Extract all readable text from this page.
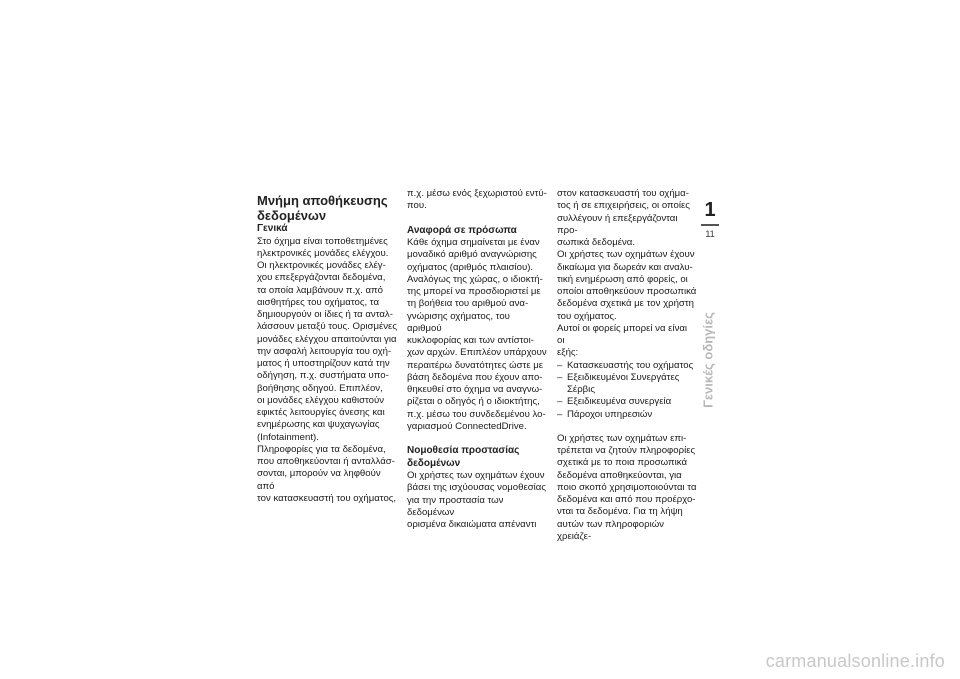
Μνήμη αποθήκευσης δεδομένων

Γενικά

Στο όχημα είναι τοποθετημένες

ηλεκτρονικές μονάδες ελέγχου.

Οι ηλεκτρονικές μονάδες ελέγ-

χου επεξεργάζονται δεδομένα,

τα οποία λαμβάνουν π.χ. από

αισθητήρες του οχήματος, τα

δημιουργούν οι ίδιες ή τα ανταλ-

λάσσουν μεταξύ τους. Ορισμένες

μονάδες ελέγχου απαιτούνται για

την ασφαλή λειτουργία του οχή-

ματος ή υποστηρίζουν κατά την

οδήγηση, π.χ. συστήματα υπο-

βοήθησης οδηγού. Επιπλέον,

οι μονάδες ελέγχου καθιστούν

εφικτές λειτουργίες άνεσης και

ενημέρωσης και ψυχαγωγίας

(Infotainment).

Πληροφορίες για τα δεδομένα,

που αποθηκεύονται ή ανταλλάσ-

σονται, μπορούν να ληφθούν από

τον κατασκευαστή του οχήματος,

π.χ. μέσω ενός ξεχωριστού εντύ-

που.

Αναφορά σε πρόσωπα

Κάθε όχημα σημαίνεται με έναν

μοναδικό αριθμό αναγνώρισης

οχήματος (αριθμός πλαισίου).

Αναλόγως της χώρας, ο ιδιοκτή-

της μπορεί να προσδιοριστεί με

τη βοήθεια του αριθμού ανα-

γνώρισης οχήματος, του αριθμού

κυκλοφορίας και των αντίστοι-

χων αρχών. Επιπλέον υπάρχουν

περαιτέρω δυνατότητες ώστε με

βάση δεδομένα που έχουν απο-

θηκευθεί στο όχημα να αναγνω-

ρίζεται ο οδηγός ή ο ιδιοκτήτης,

π.χ. μέσω του συνδεδεμένου λο-

γαριασμού ConnectedDrive.

Νομοθεσία προστασίας

δεδομένων

Οι χρήστες των οχημάτων έχουν

βάσει της ισχύουσας νομοθεσίας

για την προστασία των δεδομένων

ορισμένα δικαιώματα απέναντι

στον κατασκευαστή του οχήμα-

τος ή σε επιχειρήσεις, οι οποίες

συλλέγουν ή επεξεργάζονται προ-

σωπικά δεδομένα.

Οι χρήστες των οχημάτων έχουν

δικαίωμα για δωρεάν και αναλυ-

τική ενημέρωση από φορείς, οι

οποίοι αποθηκεύουν προσωπικά

δεδομένα σχετικά με τον χρήστη

του οχήματος.

Αυτοί οι φορείς μπορεί να είναι οι

εξής:

– Κατασκευαστής του οχήματος
– Εξειδικευμένοι Συνεργάτες
Σέρβις
– Εξειδικευμένα συνεργεία
– Πάροχοι υπηρεσιών

Οι χρήστες των οχημάτων επι-

τρέπεται να ζητούν πληροφορίες

σχετικά με το ποια προσωπικά

δεδομένα αποθηκεύονται, για

ποιο σκοπό χρησιμοποιούνται τα

δεδομένα και από που προέρχο-

νται τα δεδομένα. Για τη λήψη

αυτών των πληροφοριών χρειάζε-

1
11
Γενικές οδηγίες
carmanualsonline.info
